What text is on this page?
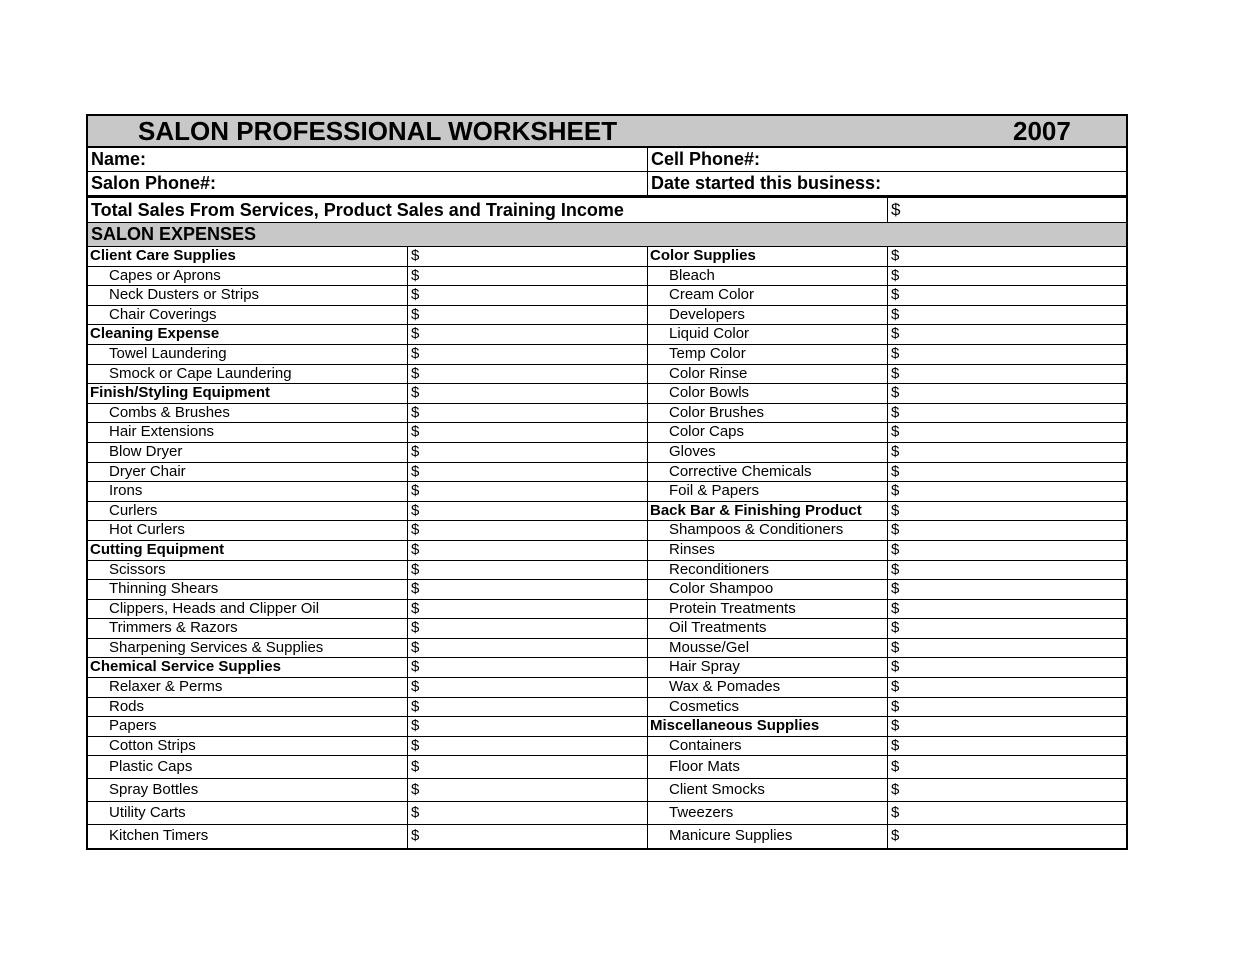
SALON PROFESSIONAL WORKSHEET	2007
Name:	Cell Phone#:
Salon Phone#:	Date started this business:
Total Sales From Services, Product Sales and Training Income	$
SALON EXPENSES
Client Care Supplies	$	Color Supplies	$
Capes or Aprons	$	Bleach	$
Neck Dusters or Strips	$	Cream Color	$
Chair Coverings	$	Developers	$
Cleaning Expense	$	Liquid Color	$
Towel Laundering	$	Temp Color	$
Smock or Cape Laundering	$	Color Rinse	$
Finish/Styling Equipment	$	Color Bowls	$
Combs & Brushes	$	Color Brushes	$
Hair Extensions	$	Color Caps	$
Blow Dryer	$	Gloves	$
Dryer Chair	$	Corrective Chemicals	$
Irons	$	Foil & Papers	$
Curlers	$	Back Bar & Finishing Product	$
Hot Curlers	$	Shampoos & Conditioners	$
Cutting Equipment	$	Rinses	$
Scissors	$	Reconditioners	$
Thinning Shears	$	Color Shampoo	$
Clippers, Heads and Clipper Oil	$	Protein Treatments	$
Trimmers & Razors	$	Oil Treatments	$
Sharpening Services & Supplies	$	Mousse/Gel	$
Chemical Service Supplies	$	Hair Spray	$
Relaxer & Perms	$	Wax & Pomades	$
Rods	$	Cosmetics	$
Papers	$	Miscellaneous Supplies	$
Cotton Strips	$	Containers	$
Plastic Caps	$	Floor Mats	$
Spray Bottles	$	Client Smocks	$
Utility Carts	$	Tweezers	$
Kitchen Timers	$	Manicure Supplies	$
